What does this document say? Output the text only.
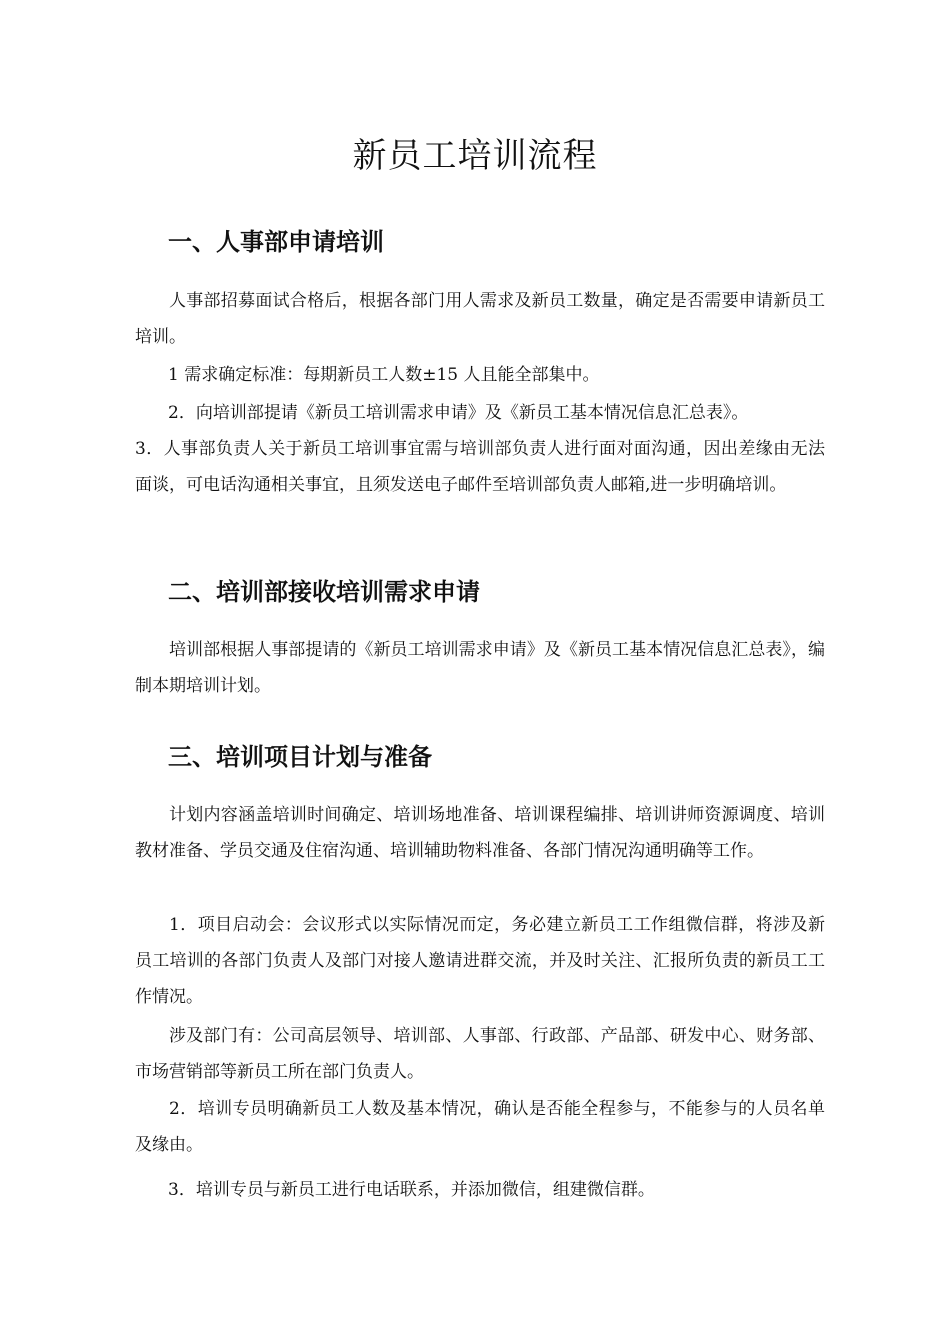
新员工培训流程
一、人事部申请培训
人事部招募面试合格后，根据各部门用人需求及新员工数量，确定是否需要申请新员工培训。
1 需求确定标准：每期新员工人数±15 人且能全部集中。
2．向培训部提请《新员工培训需求申请》及《新员工基本情况信息汇总表》。
3．人事部负责人关于新员工培训事宜需与培训部负责人进行面对面沟通，因出差缘由无法面谈，可电话沟通相关事宜，且须发送电子邮件至培训部负责人邮箱,进一步明确培训。
二、培训部接收培训需求申请
培训部根据人事部提请的《新员工培训需求申请》及《新员工基本情况信息汇总表》，编制本期培训计划。
三、培训项目计划与准备
计划内容涵盖培训时间确定、培训场地准备、培训课程编排、培训讲师资源调度、培训教材准备、学员交通及住宿沟通、培训辅助物料准备、各部门情况沟通明确等工作。
1．项目启动会：会议形式以实际情况而定，务必建立新员工工作组微信群，将涉及新员工培训的各部门负责人及部门对接人邀请进群交流，并及时关注、汇报所负责的新员工工作情况。
涉及部门有：公司高层领导、培训部、人事部、行政部、产品部、研发中心、财务部、市场营销部等新员工所在部门负责人。
2．培训专员明确新员工人数及基本情况，确认是否能全程参与，不能参与的人员名单及缘由。
3．培训专员与新员工进行电话联系，并添加微信，组建微信群。
